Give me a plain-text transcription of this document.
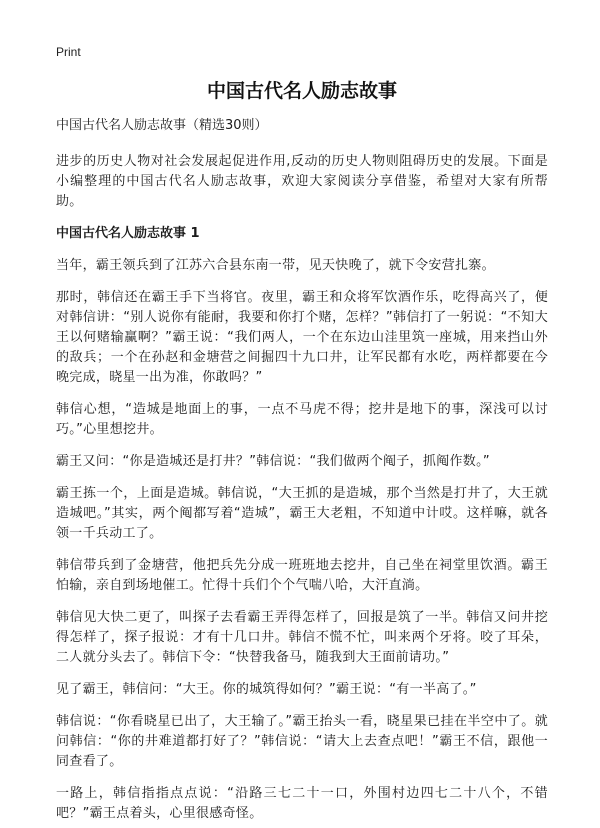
Print
中国古代名人励志故事
中国古代名人励志故事（精选30则）

进步的历史人物对社会发展起促进作用,反动的历史人物则阻碍历史的发展。下面是小编整理的中国古代名人励志故事，欢迎大家阅读分享借鉴，希望对大家有所帮助。

中国古代名人励志故事 1

当年，霸王领兵到了江苏六合县东南一带，见天快晚了，就下令安营扎寨。

那时，韩信还在霸王手下当将官。夜里，霸王和众将军饮酒作乐，吃得高兴了，便对韩信讲：“别人说你有能耐，我要和你打个赌，怎样？”韩信打了一躬说：“不知大王以何赌输赢啊？”霸王说：“我们两人，一个在东边山洼里筑一座城，用来挡山外的敌兵；一个在孙赵和金塘营之间掘四十九口井，让军民都有水吃，两样都要在今晚完成，晓星一出为准，你敢吗？”

韩信心想，“造城是地面上的事，一点不马虎不得；挖井是地下的事，深浅可以讨巧。”心里想挖井。

霸王又问：“你是造城还是打井？”韩信说：“我们做两个阄子，抓阄作数。”

霸王拣一个，上面是造城。韩信说，“大王抓的是造城，那个当然是打井了，大王就造城吧。”其实，两个阄都写着“造城”，霸王大老粗，不知道中计哎。这样嘛，就各领一千兵动工了。

韩信带兵到了金塘营，他把兵先分成一班班地去挖井，自己坐在祠堂里饮酒。霸王怕输，亲自到场地催工。忙得十兵们个个气喘八哈，大汗直淌。

韩信见大快二更了，叫探子去看霸王弄得怎样了，回报是筑了一半。韩信又问井挖得怎样了，探子报说：才有十几口井。韩信不慌不忙，叫来两个牙将。咬了耳朵，二人就分头去了。韩信下令：“快替我备马，随我到大王面前请功。”

见了霸王，韩信问：“大王。你的城筑得如何？”霸王说：“有一半高了。”

韩信说：“你看晓星已出了，大王输了。”霸王抬头一看，晓星果已挂在半空中了。就问韩信：“你的井难道都打好了？”韩信说：“请大上去查点吧！”霸王不信，跟他一同查看了。

一路上，韩信指指点点说：“沿路三七二十一口，外围村边四七二十八个，不错吧？”霸王点着头，心里很感奇怪。
